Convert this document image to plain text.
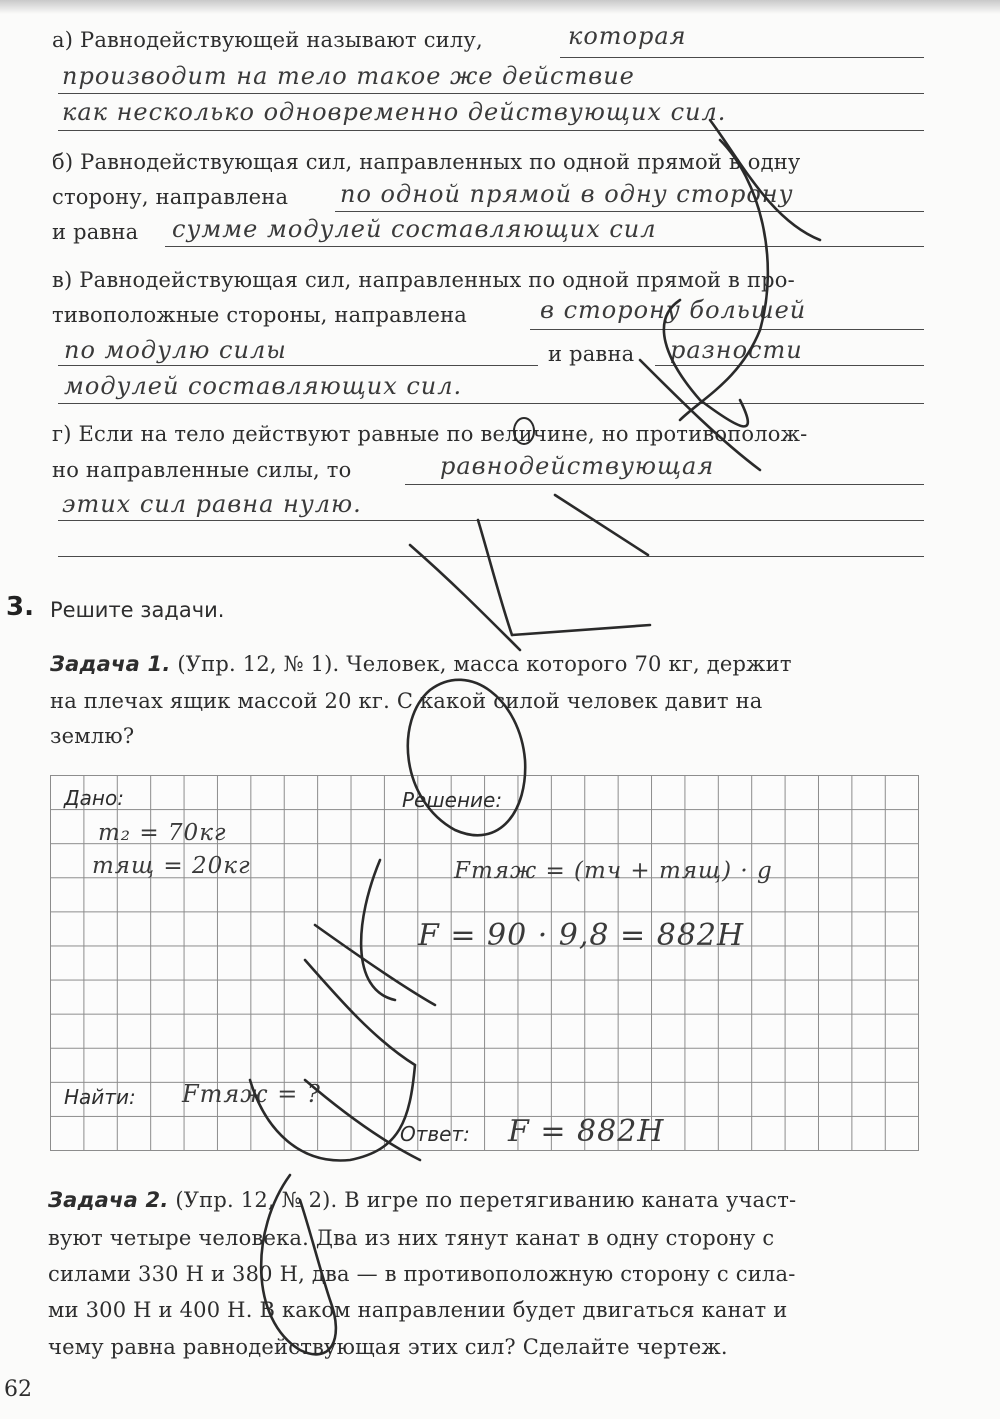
а) Равнодействующей называют силу,	которая
производит на тело такое же действие
как несколько одновременно действующих сил.
б) Равнодействующая сил, направленных по одной прямой в одну
сторону, направлена по одной прямой в одну сторону
и равна сумме модулей составляющих сил
в) Равнодействующая сил, направленных по одной прямой в про-
тивоположные стороны, направлена	в сторону большей
по модулю силы	и равна разности
модулей составляющих сил.
г) Если на тело действуют равные по величине, но противополож-
но направленные силы, то	равнодействующая
этих сил равна нулю.
3. Решите задачи.
Задача 1. (Упр. 12, № 1). Человек, масса которого 70 кг, держит
на плечах ящик массой 20 кг. С какой силой человек давит на
землю?
Дано:
m₂ = 70кг
mящ = 20кг
Решение:
Fтяж = (mч + mящ) · g
F = 90 · 9,8 = 882Н
Найти: Fтяж = ?
Ответ: F = 882Н
Задача 2. (Упр. 12, № 2). В игре по перетягиванию каната участ-
вуют четыре человека. Два из них тянут канат в одну сторону с
силами 330 Н и 380 Н, два — в противоположную сторону с сила-
ми 300 Н и 400 Н. В каком направлении будет двигаться канат и
чему равна равнодействующая этих сил? Сделайте чертеж.
62
